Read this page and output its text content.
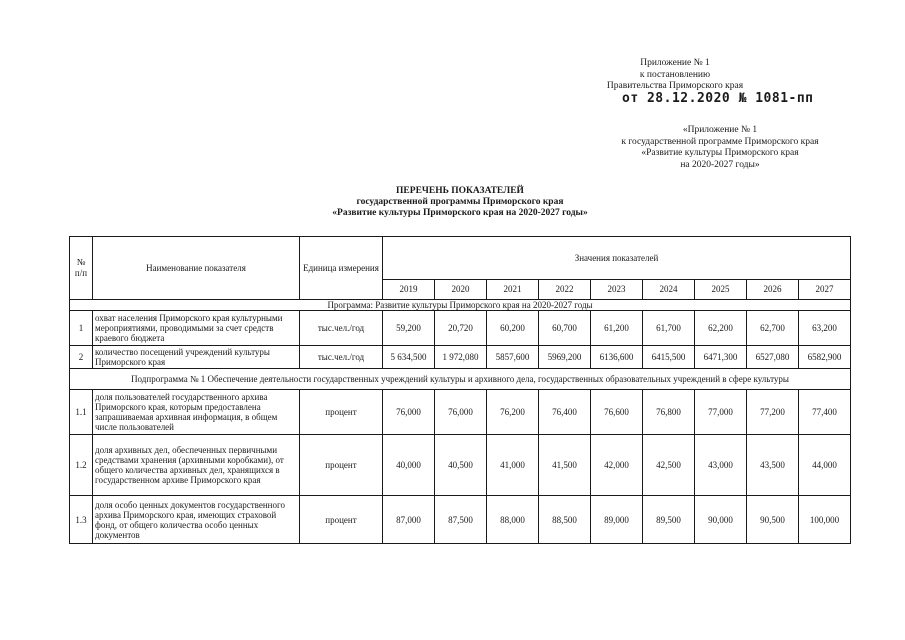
Приложение № 1
к постановлению
Правительства Приморского края
от 28.12.2020 № 1081-пп
«Приложение № 1
к государственной программе Приморского края
«Развитие культуры Приморского края
на 2020-2027 годы»
ПЕРЕЧЕНЬ ПОКАЗАТЕЛЕЙ
государственной программы Приморского края
«Развитие культуры Приморского края на 2020-2027 годы»
№ п/п	Наименование показателя	Единица измерения	Значения показателей								
			2019	2020	2021	2022	2023	2024	2025	2026	2027
Программа: Развитие культуры Приморского края на 2020-2027 годы											
1	охват населения Приморского края культурными мероприятиями, проводимыми за счет средств краевого бюджета	тыс.чел./год	59,200	20,720	60,200	60,700	61,200	61,700	62,200	62,700	63,200
2	количество посещений учреждений культуры Приморского края	тыс.чел./год	5 634,500	1 972,080	5857,600	5969,200	6136,600	6415,500	6471,300	6527,080	6582,900
Подпрограмма № 1 Обеспечение деятельности государственных учреждений культуры и архивного дела, государственных образовательных учреждений в сфере культуры											
1.1	доля пользователей государственного архива Приморского края, которым предоставлена запрашиваемая архивная информация, в общем числе пользователей	процент	76,000	76,000	76,200	76,400	76,600	76,800	77,000	77,200	77,400
1.2	доля архивных дел, обеспеченных первичными средствами хранения (архивными коробками), от общего количества архивных дел, хранящихся в государственном архиве Приморского края	процент	40,000	40,500	41,000	41,500	42,000	42,500	43,000	43,500	44,000
1.3	доля особо ценных документов государственного архива Приморского края, имеющих страховой фонд, от общего количества особо ценных документов	процент	87,000	87,500	88,000	88,500	89,000	89,500	90,000	90,500	100,000
